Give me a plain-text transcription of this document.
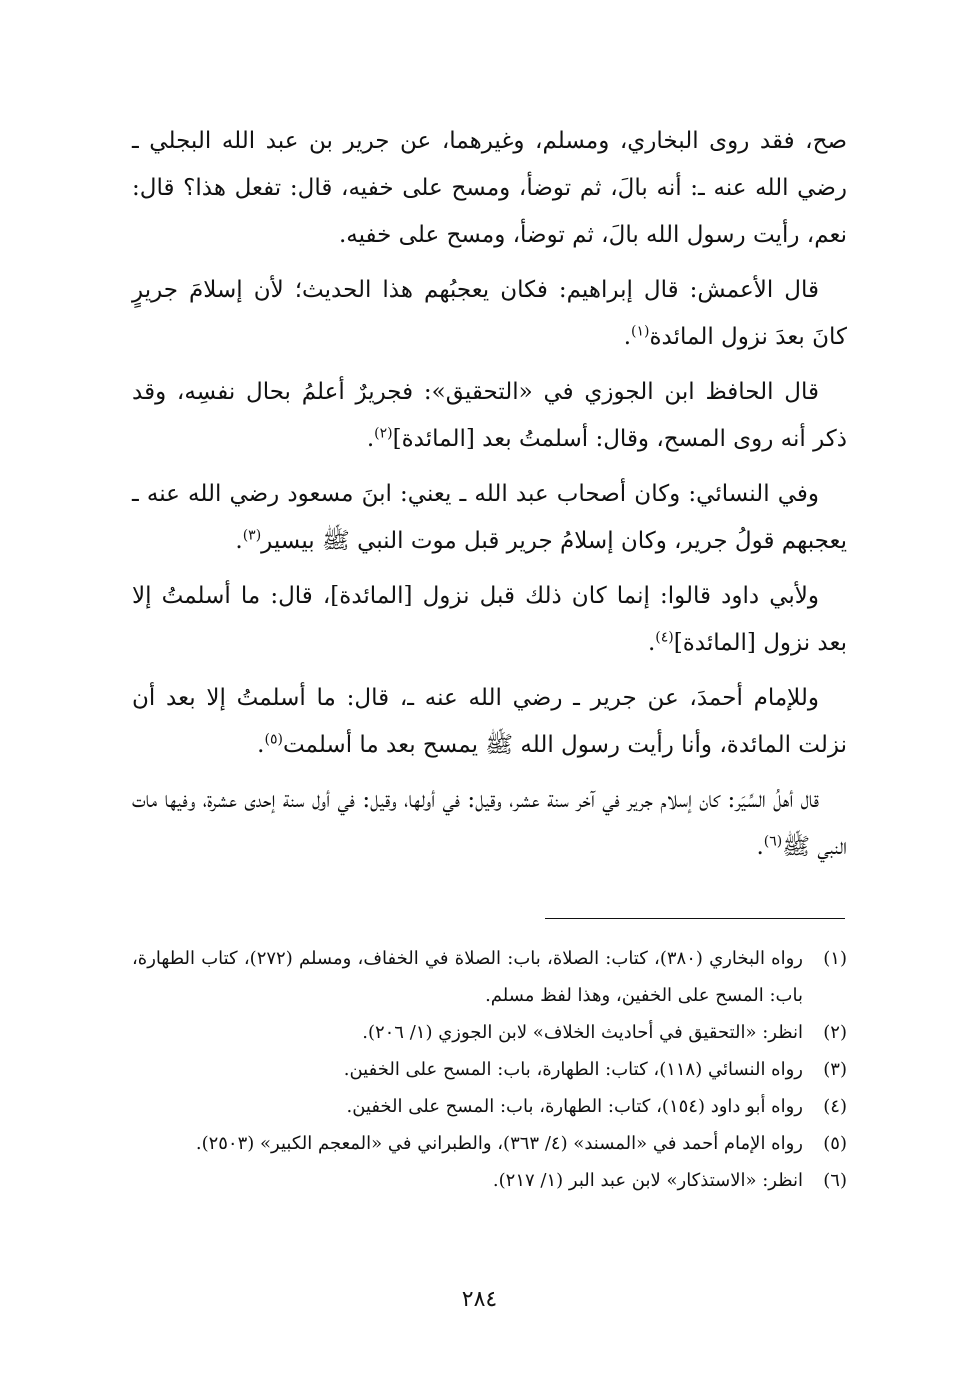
صح، فقد روى البخاري، ومسلم، وغيرهما، عن جرير بن عبد الله البجلي ـ رضي الله عنه ـ: أنه بالَ، ثم توضأ، ومسح على خفيه، قال: تفعل هذا؟ قال: نعم، رأيت رسول الله بالَ، ثم توضأ، ومسح على خفيه.

قال الأعمش: قال إبراهيم: فكان يعجبُهم هذا الحديث؛ لأن إسلامَ جريرٍ كانَ بعدَ نزول المائدة$^{(١)}$.

قال الحافظ ابن الجوزي في «التحقيق»: فجريرٌ أعلمُ بحال نفسِه، وقد ذكر أنه روى المسح، وقال: أسلمتُ بعد [المائدة]$^{(٢)}$.

وفي النسائي: وكان أصحاب عبد الله ـ يعني: ابنَ مسعود رضي الله عنه ـ يعجبهم قولُ جرير، وكان إسلامُ جرير قبل موت النبي ﷺ بيسير$^{(٣)}$.

ولأبي داود قالوا: إنما كان ذلك قبل نزول [المائدة]، قال: ما أسلمتُ إلا بعد نزول [المائدة]$^{(٤)}$.

وللإمام أحمدَ، عن جرير ـ رضي الله عنه ـ، قال: ما أسلمتُ إلا بعد أن نزلت المائدة، وأنا رأيت رسول الله ﷺ يمسح بعد ما أسلمت$^{(٥)}$.

قال أهلُ السِّيَر: كان إسلام جرير في آخر سنة عشر، وقيل: في أولها، وقيل: في أول سنة إحدى عشرة، وفيها مات النبي ﷺ$^{(٦)}$.

(١)
رواه البخاري (٣٨٠)، كتاب: الصلاة، باب: الصلاة في الخفاف، ومسلم (٢٧٢)، كتاب الطهارة، باب: المسح على الخفين، وهذا لفظ مسلم.
(٢)
انظر: «التحقيق في أحاديث الخلاف» لابن الجوزي (١/ ٢٠٦).
(٣)
رواه النسائي (١١٨)، كتاب: الطهارة، باب: المسح على الخفين.
(٤)
رواه أبو داود (١٥٤)، كتاب: الطهارة، باب: المسح على الخفين.
(٥)
رواه الإمام أحمد في «المسند» (٤/ ٣٦٣)، والطبراني في «المعجم الكبير» (٢٥٠٣).
(٦)
انظر: «الاستذكار» لابن عبد البر (١/ ٢١٧).
٢٨٤
